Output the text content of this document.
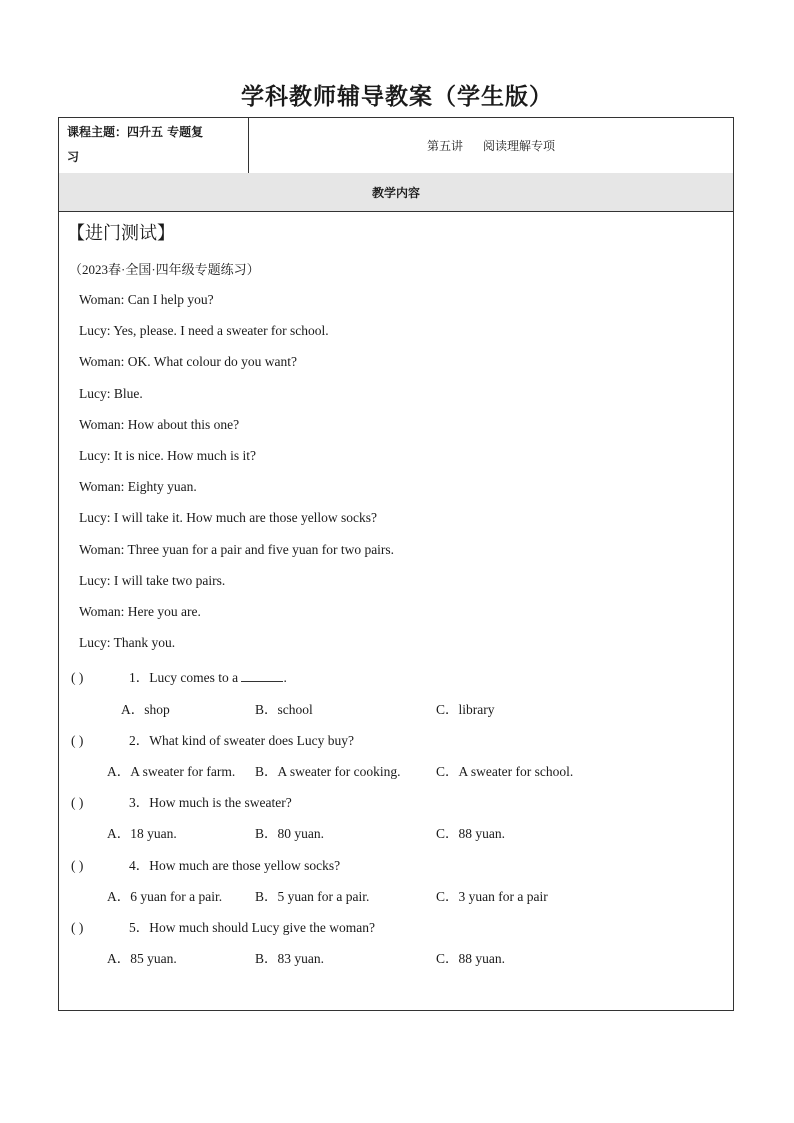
学科教师辅导教案（学生版）
课程主题：四升五 专题复
习
第五讲 阅读理解专项
教学内容
【进门测试】
（2023春·全国·四年级专题练习）
Woman: Can I help you?
Lucy: Yes, please. I need a sweater for school.
Woman: OK. What colour do you want?
Lucy: Blue.
Woman: How about this one?
Lucy: It is nice. How much is it?
Woman: Eighty yuan.
Lucy: I will take it. How much are those yellow socks?
Woman: Three yuan for a pair and five yuan for two pairs.
Lucy: I will take two pairs.
Woman: Here you are.
Lucy: Thank you.
( )	1．Lucy comes to a	.
A．shop	B．school	C．library
( )	2．What kind of sweater does Lucy buy?
A．A sweater for farm. B．A sweater for cooking.	C．A sweater for school.
( )	3．How much is the sweater?
A．18 yuan.	B．80 yuan.	C．88 yuan.
( )	4．How much are those yellow socks?
A．6 yuan for a pair. B．5 yuan for a pair.	C．3 yuan for a pair
( )	5．How much should Lucy give the woman?
A．85 yuan.	B．83 yuan.	C．88 yuan.
